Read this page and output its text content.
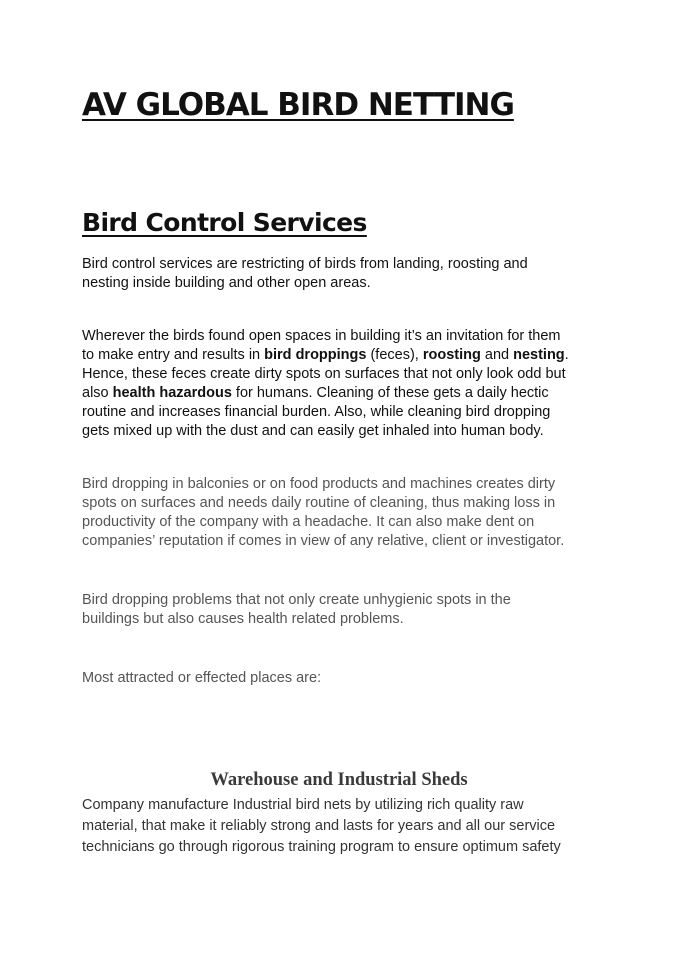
AV GLOBAL BIRD NETTING
Bird Control Services

Bird control services are restricting of birds from landing, roosting and
nesting inside building and other open areas.

Wherever the birds found open spaces in building it’s an invitation for them
to make entry and results in bird droppings (feces), roosting and nesting.
Hence, these feces create dirty spots on surfaces that not only look odd but
also health hazardous for humans. Cleaning of these gets a daily hectic
routine and increases financial burden. Also, while cleaning bird dropping
gets mixed up with the dust and can easily get inhaled into human body.

Bird dropping in balconies or on food products and machines creates dirty
spots on surfaces and needs daily routine of cleaning, thus making loss in
productivity of the company with a headache. It can also make dent on
companies’ reputation if comes in view of any relative, client or investigator.

Bird dropping problems that not only create unhygienic spots in the
buildings but also causes health related problems.

Most attracted or effected places are:

Warehouse and Industrial Sheds

Company manufacture Industrial bird nets by utilizing rich quality raw
material, that make it reliably strong and lasts for years and all our service
technicians go through rigorous training program to ensure optimum safety
